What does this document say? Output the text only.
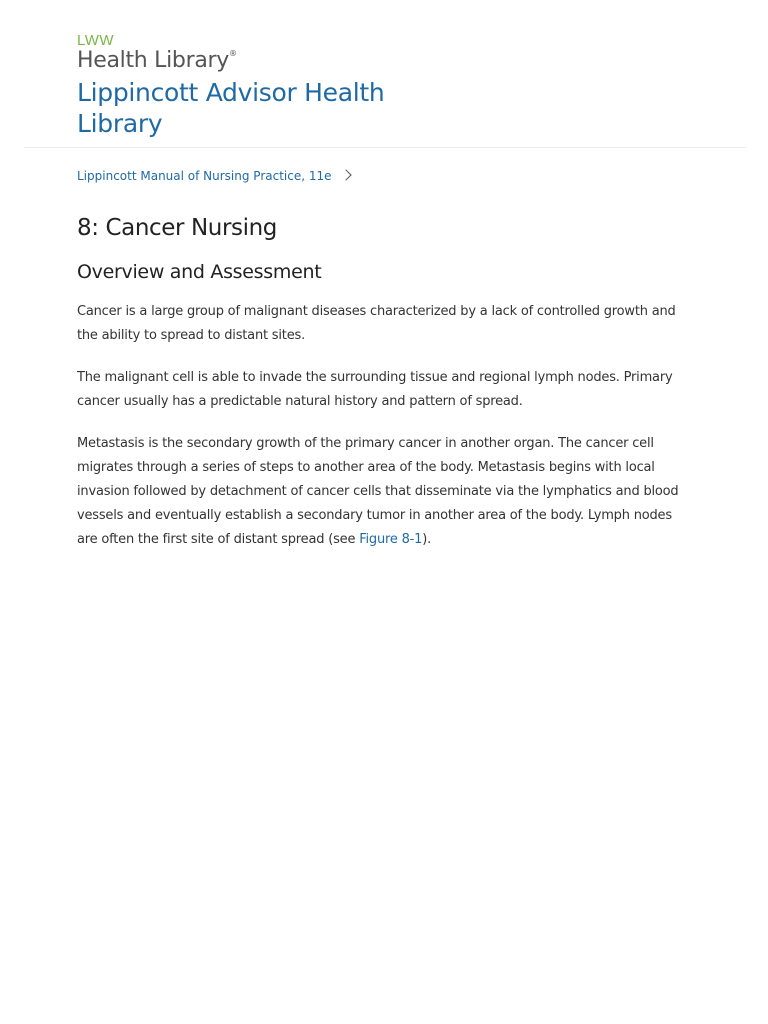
LWW
Health Library®
Lippincott Advisor Health Library
Lippincott Manual of Nursing Practice, 11e
8: Cancer Nursing
Overview and Assessment

Cancer is a large group of malignant diseases characterized by a lack of controlled growth and the ability to spread to distant sites.

The malignant cell is able to invade the surrounding tissue and regional lymph nodes. Primary cancer usually has a predictable natural history and pattern of spread.

Metastasis is the secondary growth of the primary cancer in another organ. The cancer cell migrates through a series of steps to another area of the body. Metastasis begins with local invasion followed by detachment of cancer cells that disseminate via the lymphatics and blood vessels and eventually establish a secondary tumor in another area of the body. Lymph nodes are often the first site of distant spread (see Figure 8-1).
